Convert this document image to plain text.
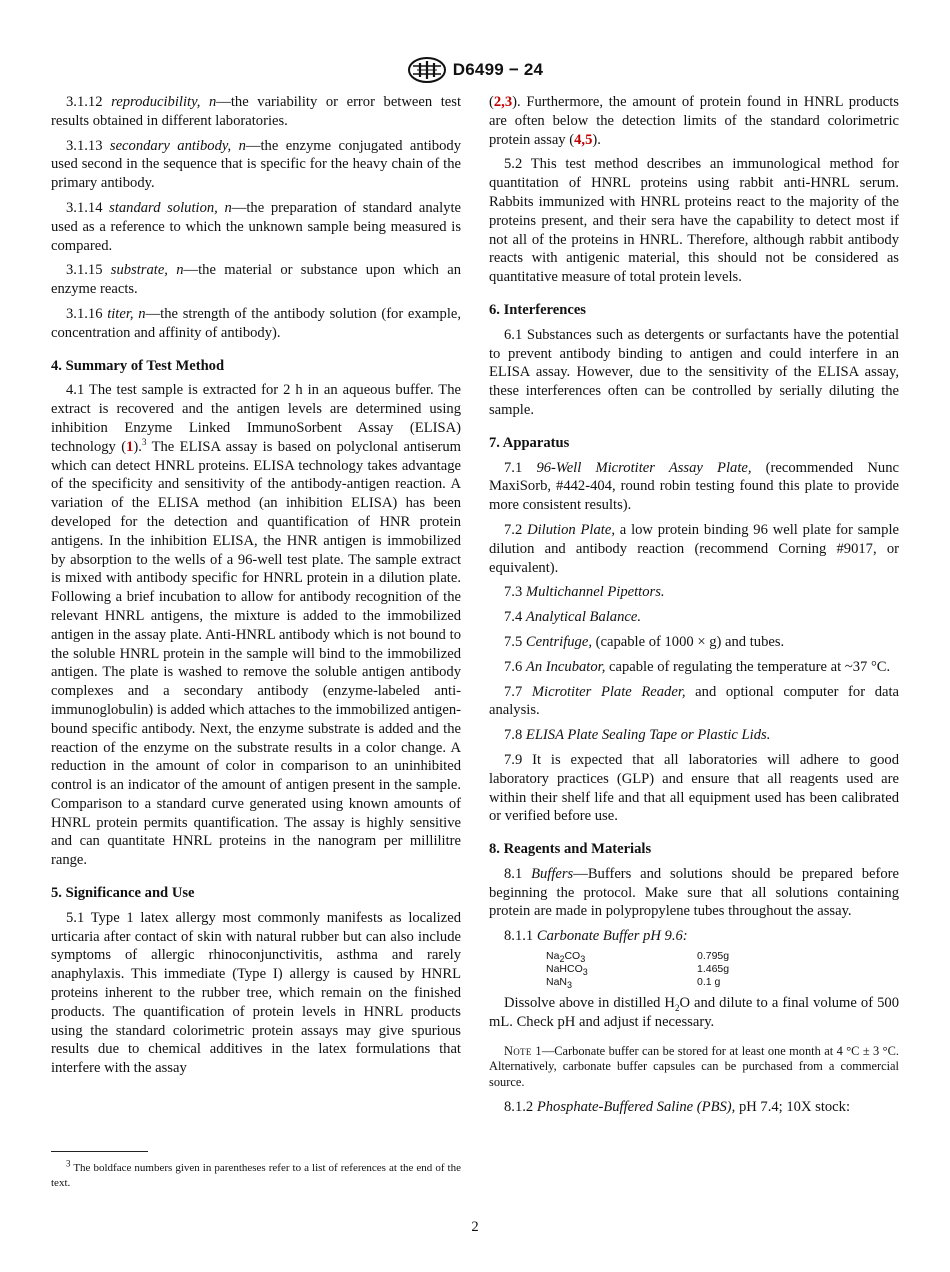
D6499 − 24

3.1.12 reproducibility, n—the variability or error between test results obtained in different laboratories.

3.1.13 secondary antibody, n—the enzyme conjugated antibody used second in the sequence that is specific for the heavy chain of the primary antibody.

3.1.14 standard solution, n—the preparation of standard analyte used as a reference to which the unknown sample being measured is compared.

3.1.15 substrate, n—the material or substance upon which an enzyme reacts.

3.1.16 titer, n—the strength of the antibody solution (for example, concentration and affinity of antibody).

4. Summary of Test Method

4.1 The test sample is extracted for 2 h in an aqueous buffer. The extract is recovered and the antigen levels are determined using inhibition Enzyme Linked ImmunoSorbent Assay (ELISA) technology (1).$^3$ The ELISA assay is based on polyclonal antiserum which can detect HNRL proteins. ELISA technology takes advantage of the specificity and sensitivity of the antibody-antigen reaction. A variation of the ELISA method (an inhibition ELISA) has been developed for the detection and quantification of HNR protein antigens. In the inhibition ELISA, the HNR antigen is immobilized by absorption to the wells of a 96-well test plate. The sample extract is mixed with antibody specific for HNRL protein in a dilution plate. Following a brief incubation to allow for antibody recognition of the relevant HNRL antigens, the mixture is added to the immobilized antigen in the assay plate. Anti-HNRL antibody which is not bound to the soluble HNRL protein in the sample will bind to the immobilized antigen. The plate is washed to remove the soluble antigen antibody complexes and a secondary antibody (enzyme-labeled anti-immunoglobulin) is added which attaches to the immobilized antigen-bound specific antibody. Next, the enzyme substrate is added and the reaction of the enzyme on the substrate results in a color change. A reduction in the amount of color in comparison to an uninhibited control is an indicator of the amount of antigen present in the sample. Comparison to a standard curve generated using known amounts of HNRL protein permits quantification. The assay is highly sensitive and can quantitate HNRL proteins in the nanogram per millilitre range.

5. Significance and Use

5.1 Type 1 latex allergy most commonly manifests as localized urticaria after contact of skin with natural rubber but can also include symptoms of allergic rhinoconjunctivitis, asthma and rarely anaphylaxis. This immediate (Type I) allergy is caused by HNRL proteins inherent to the rubber tree, which remain on the finished products. The quantification of protein levels in HNRL products using the standard colorimetric protein assays may give spurious results due to chemical additives in the latex formulations that interfere with the assay

$^3$ The boldface numbers given in parentheses refer to a list of references at the end of the text.

(2,3). Furthermore, the amount of protein found in HNRL products are often below the detection limits of the standard colorimetric protein assay (4,5).

5.2 This test method describes an immunological method for quantitation of HNRL proteins using rabbit anti-HNRL serum. Rabbits immunized with HNRL proteins react to the majority of the proteins present, and their sera have the capability to detect most if not all of the proteins in HNRL. Therefore, although rabbit antibody reacts with antigenic material, this should not be considered as quantitative measure of total protein levels.

6. Interferences

6.1 Substances such as detergents or surfactants have the potential to prevent antibody binding to antigen and could interfere in an ELISA assay. However, due to the sensitivity of the ELISA assay, these interferences often can be controlled by serially diluting the sample.

7. Apparatus

7.1 96-Well Microtiter Assay Plate, (recommended Nunc MaxiSorb, #442-404, round robin testing found this plate to provide more consistent results).

7.2 Dilution Plate, a low protein binding 96 well plate for sample dilution and antibody reaction (recommend Corning #9017, or equivalent).

7.3 Multichannel Pipettors.

7.4 Analytical Balance.

7.5 Centrifuge, (capable of 1000 × g) and tubes.

7.6 An Incubator, capable of regulating the temperature at ~37 °C.

7.7 Microtiter Plate Reader, and optional computer for data analysis.

7.8 ELISA Plate Sealing Tape or Plastic Lids.

7.9 It is expected that all laboratories will adhere to good laboratory practices (GLP) and ensure that all reagents used are within their shelf life and that all equipment used has been calibrated or verified before use.

8. Reagents and Materials

8.1 Buffers—Buffers and solutions should be prepared before beginning the protocol. Make sure that all solutions containing protein are made in polypropylene tubes throughout the assay.

8.1.1 Carbonate Buffer pH 9.6:

$Na_2CO_3$	0.795g
NaHCO$_3$	1.465g
NaN$_3$	0.1 g

Dissolve above in distilled $H_2O$ and dilute to a final volume of 500 mL. Check pH and adjust if necessary.

Note 1—Carbonate buffer can be stored for at least one month at 4 °C ± 3 °C. Alternatively, carbonate buffer capsules can be purchased from a commercial source.

8.1.2 Phosphate-Buffered Saline (PBS), pH 7.4; 10X stock:

2
